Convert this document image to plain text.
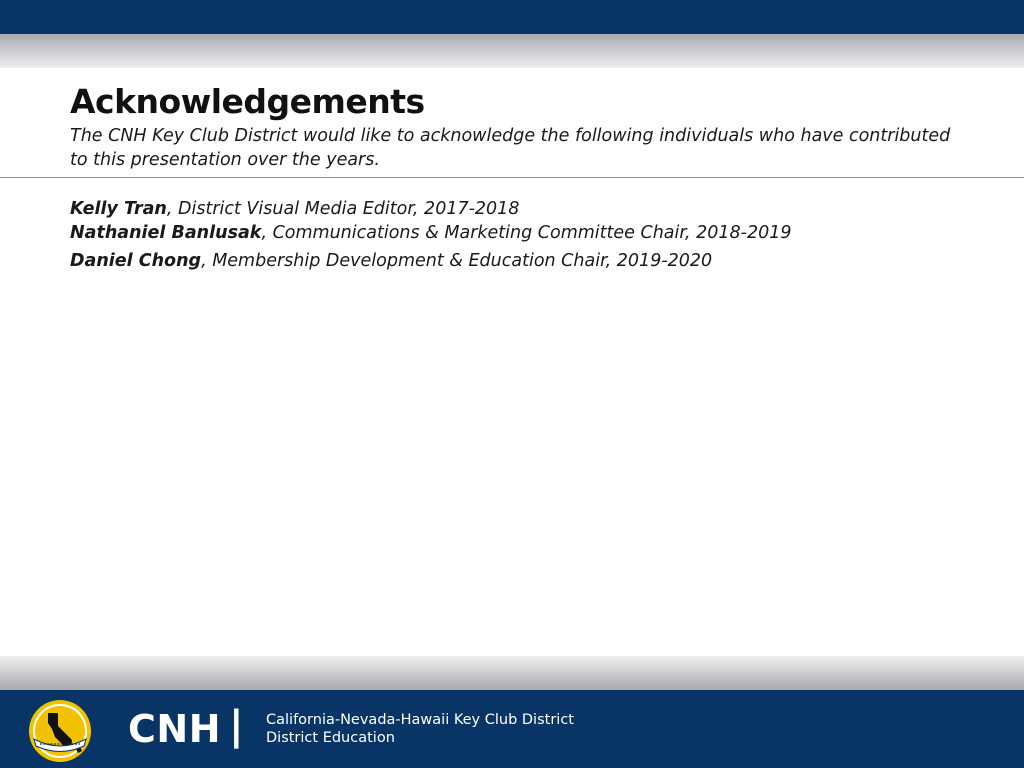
Acknowledgements

The CNH Key Club District would like to acknowledge the following individuals who have contributed to this presentation over the years.

Kelly Tran, District Visual Media Editor, 2017-2018
Nathaniel Banlusak, Communications & Marketing Committee Chair, 2018-2019
Daniel Chong, Membership Development & Education Chair, 2019-2020
CNH | California-Nevada-Hawaii Key Club District
District Education
